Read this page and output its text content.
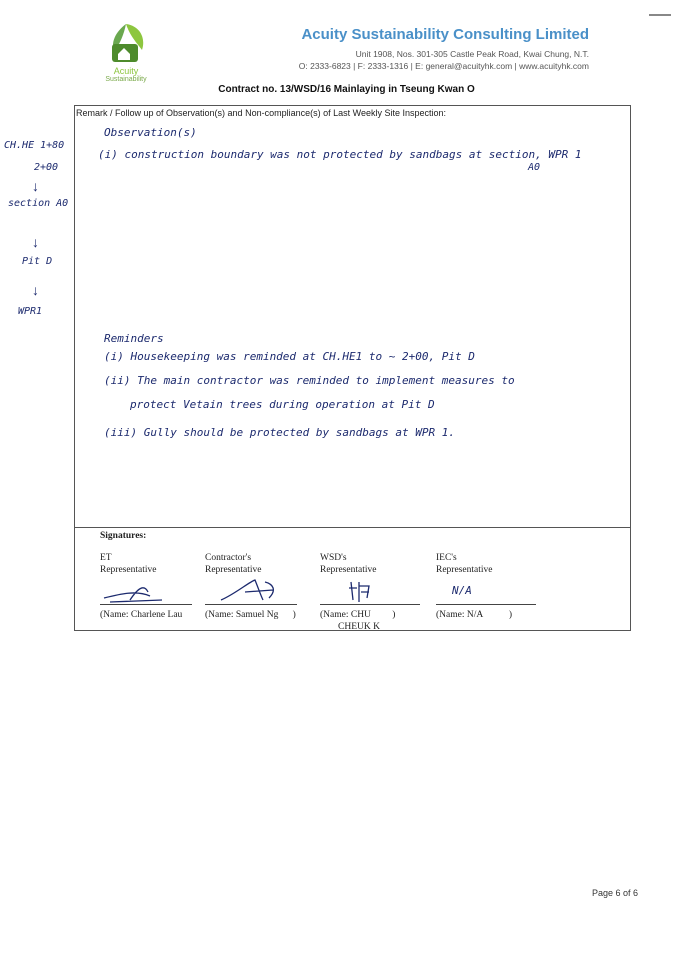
Acuity
Sustainability
Acuity Sustainability Consulting Limited
Unit 1908, Nos. 301-305 Castle Peak Road, Kwai Chung, N.T.
O: 2333-6823 | F: 2333-1316 | E: general@acuityhk.com | www.acuityhk.com
Contract no. 13/WSD/16 Mainlaying in Tseung Kwan O
Remark / Follow up of Observation(s) and Non-compliance(s) of Last Weekly Site Inspection:
CH.HE 1+80
2+00
↓
section A0
↓
Pit D
↓
WPR1
Observation(s)
(i) construction boundary was not protected by sandbags at section, WPR 1
A0
Reminders
(i) Housekeeping was reminded at CH.HE1 to ~ 2+00, Pit D
(ii) The main contractor was reminded to implement measures to
protect Vetain trees during operation at Pit D
(iii) Gully should be protected by sandbags at WPR 1.
Signatures:
ET
Representative
Contractor's
Representative
WSD's
Representative
IEC's
Representative
N/A
(Name: Charlene Lau (Name: Samuel Ng )	(Name: CHU )
CHEUK K
(Name: N/A	)
Page 6 of 6
